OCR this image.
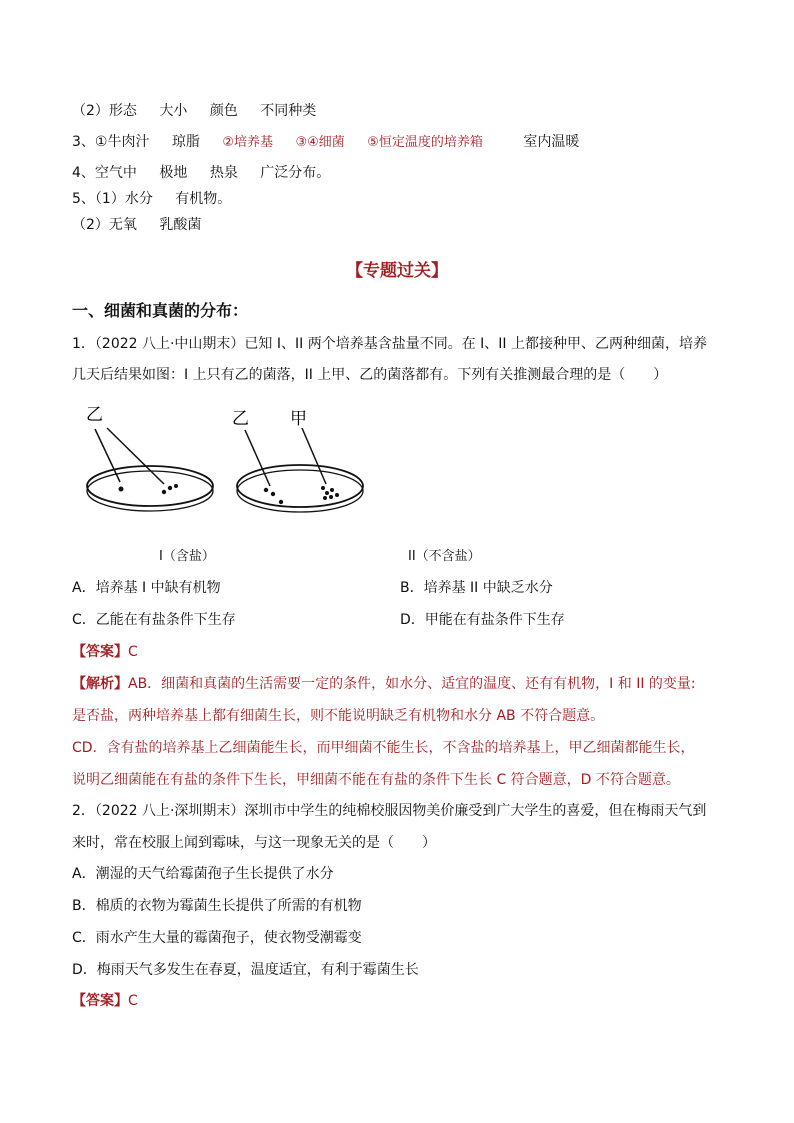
（2）形态 大小 颜色 不同种类
3、①牛肉汁 琼脂 ②培养基 ③④细菌 ⑤恒定温度的培养箱	室内温暖
4、空气中 极地 热泉 广泛分布。
5、（1）水分 有机物。
（2）无氧 乳酸菌
【专题过关】
一、细菌和真菌的分布：
1．（2022 八上·中山期末）已知 I、II 两个培养基含盐量不同。在 I、II 上都接种甲、乙两种细菌，培养
几天后结果如图：I 上只有乙的菌落，II 上甲、乙的菌落都有。下列有关推测最合理的是（　　）
乙	乙 甲
I（含盐）	II（不含盐）
A．培养基 I 中缺有机物	B．培养基 II 中缺乏水分
C．乙能在有盐条件下生存	D．甲能在有盐条件下生存
【答案】C
【解析】AB．细菌和真菌的生活需要一定的条件，如水分、适宜的温度、还有有机物，I 和 II 的变量:
是否盐，两种培养基上都有细菌生长，则不能说明缺乏有机物和水分 AB 不符合题意。
CD．含有盐的培养基上乙细菌能生长，而甲细菌不能生长，不含盐的培养基上，甲乙细菌都能生长，
说明乙细菌能在有盐的条件下生长，甲细菌不能在有盐的条件下生长 C 符合题意，D 不符合题意。
2．（2022 八上·深圳期末）深圳市中学生的纯棉校服因物美价廉受到广大学生的喜爱，但在梅雨天气到
来时，常在校服上闻到霉味，与这一现象无关的是（　　）
A．潮湿的天气给霉菌孢子生长提供了水分
B．棉质的衣物为霉菌生长提供了所需的有机物
C．雨水产生大量的霉菌孢子，使衣物受潮霉变
D．梅雨天气多发生在春夏，温度适宜，有利于霉菌生长
【答案】C
